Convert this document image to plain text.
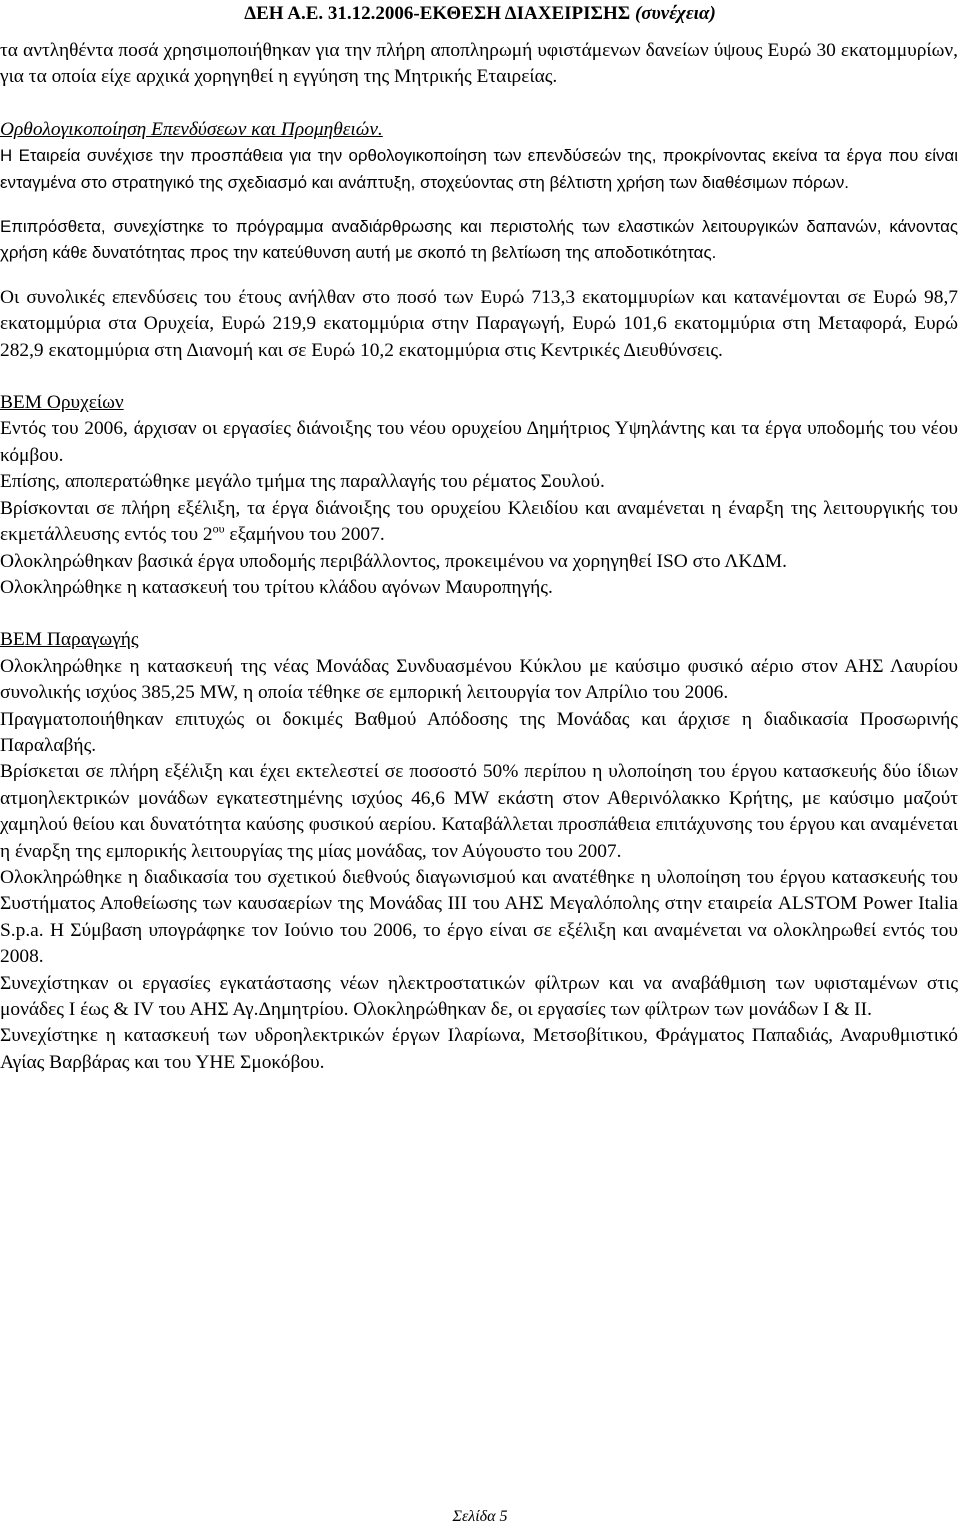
ΔΕΗ Α.Ε. 31.12.2006-ΕΚΘΕΣΗ ΔΙΑΧΕΙΡΙΣΗΣ (συνέχεια)

τα αντληθέντα ποσά χρησιμοποιήθηκαν για την πλήρη αποπληρωμή υφιστάμενων δανείων ύψους Ευρώ 30 εκατομμυρίων, για τα οποία είχε αρχικά χορηγηθεί η εγγύηση της Μητρικής Εταιρείας.

Ορθολογικοποίηση Επενδύσεων και Προμηθειών.

Η Εταιρεία συνέχισε την προσπάθεια για την ορθολογικοποίηση των επενδύσεών της, προκρίνοντας εκείνα τα έργα που είναι ενταγμένα στο στρατηγικό της σχεδιασμό και ανάπτυξη, στοχεύοντας στη βέλτιστη χρήση των διαθέσιμων πόρων.

Επιπρόσθετα, συνεχίστηκε το πρόγραμμα αναδιάρθρωσης και περιστολής των ελαστικών λειτουργικών δαπανών, κάνοντας χρήση κάθε δυνατότητας προς την κατεύθυνση αυτή με σκοπό τη βελτίωση της αποδοτικότητας.

Οι συνολικές επενδύσεις του έτους ανήλθαν στο ποσό των Ευρώ 713,3 εκατομμυρίων και κατανέμονται σε Ευρώ 98,7 εκατομμύρια στα Ορυχεία, Ευρώ 219,9 εκατομμύρια στην Παραγωγή, Ευρώ 101,6 εκατομμύρια στη Μεταφορά, Ευρώ 282,9 εκατομμύρια στη Διανομή και σε Ευρώ 10,2 εκατομμύρια στις Κεντρικές Διευθύνσεις.

ΒΕΜ Ορυχείων

Εντός του 2006, άρχισαν οι εργασίες διάνοιξης του νέου ορυχείου Δημήτριος Υψηλάντης και τα έργα υποδομής του νέου κόμβου.

Επίσης, αποπερατώθηκε μεγάλο τμήμα της παραλλαγής του ρέματος Σουλού.

Βρίσκονται σε πλήρη εξέλιξη, τα έργα διάνοιξης του ορυχείου Κλειδίου και αναμένεται η έναρξη της λειτουργικής του εκμετάλλευσης εντός του $2^{o\upsilon}$ εξαμήνου του 2007.

Ολοκληρώθηκαν βασικά έργα υποδομής περιβάλλοντος, προκειμένου να χορηγηθεί ISO στο ΛΚΔΜ.

Ολοκληρώθηκε η κατασκευή του τρίτου κλάδου αγόνων Μαυροπηγής.

ΒΕΜ Παραγωγής

Ολοκληρώθηκε η κατασκευή της νέας Μονάδας Συνδυασμένου Κύκλου με καύσιμο φυσικό αέριο στον ΑΗΣ Λαυρίου συνολικής ισχύος 385,25 MW, η οποία τέθηκε σε εμπορική λειτουργία τον Απρίλιο του 2006.

Πραγματοποιήθηκαν επιτυχώς οι δοκιμές Βαθμού Απόδοσης της Μονάδας και άρχισε η διαδικασία Προσωρινής Παραλαβής.

Βρίσκεται σε πλήρη εξέλιξη και έχει εκτελεστεί σε ποσοστό 50% περίπου η υλοποίηση του έργου κατασκευής δύο ίδιων ατμοηλεκτρικών μονάδων εγκατεστημένης ισχύος 46,6 MW εκάστη στον Αθερινόλακκο Κρήτης, με καύσιμο μαζούτ χαμηλού θείου και δυνατότητα καύσης φυσικού αερίου. Καταβάλλεται προσπάθεια επιτάχυνσης του έργου και αναμένεται η έναρξη της εμπορικής λειτουργίας της μίας μονάδας, τον Αύγουστο του 2007.

Ολοκληρώθηκε η διαδικασία του σχετικού διεθνούς διαγωνισμού και ανατέθηκε η υλοποίηση του έργου κατασκευής του Συστήματος Αποθείωσης των καυσαερίων της Μονάδας ΙΙΙ του ΑΗΣ Μεγαλόπολης στην εταιρεία ALSTOM Power Italia S.p.a. Η Σύμβαση υπογράφηκε τον Ιούνιο του 2006, το έργο είναι σε εξέλιξη και αναμένεται να ολοκληρωθεί εντός του 2008.

Συνεχίστηκαν οι εργασίες εγκατάστασης νέων ηλεκτροστατικών φίλτρων και να αναβάθμιση των υφισταμένων στις μονάδες Ι έως & IV του ΑΗΣ Αγ.Δημητρίου. Ολοκληρώθηκαν δε, οι εργασίες των φίλτρων των μονάδων Ι & ΙΙ.

Συνεχίστηκε η κατασκευή των υδροηλεκτρικών έργων Ιλαρίωνα, Μετσοβίτικου, Φράγματος Παπαδιάς, Αναρυθμιστικό Αγίας Βαρβάρας και του ΥΗΕ Σμοκόβου.

Σελίδα 5
